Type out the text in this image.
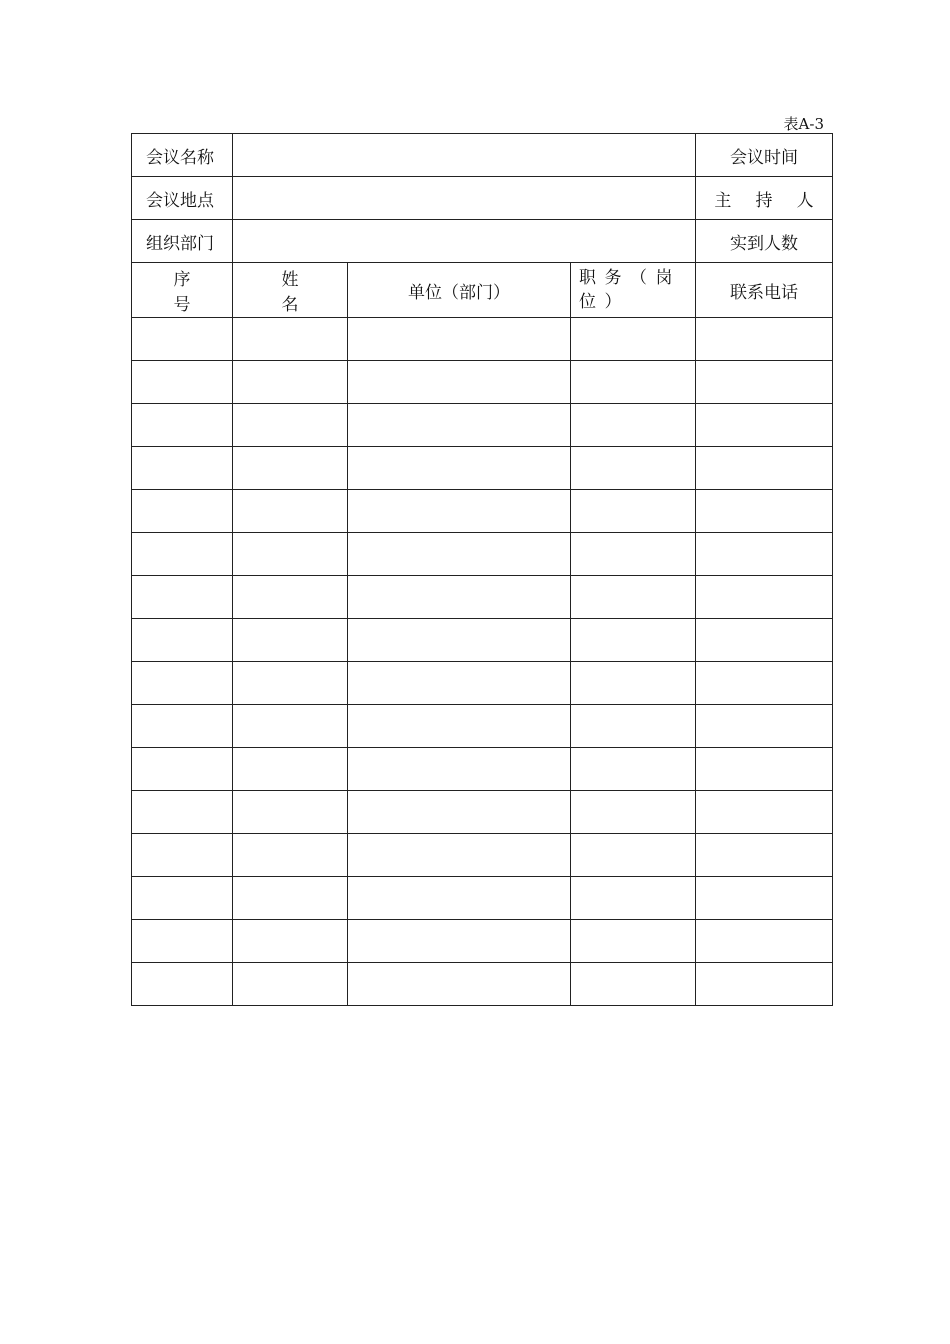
表A-3
会议名称				会议时间	
会议地点				主 持 人	
组织部门				实到人数	
序 号	姓 名	单位（部门）	职务（岗位）	联系电话	
